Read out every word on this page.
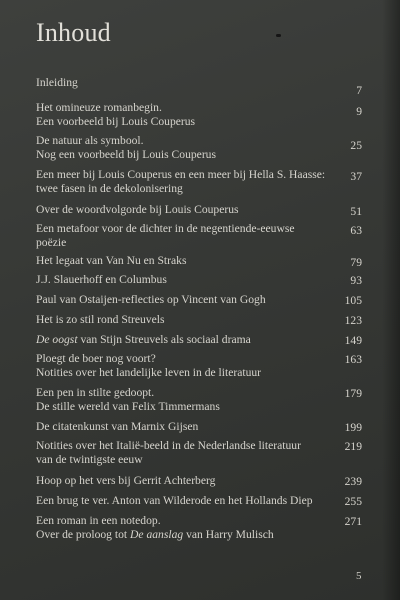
Inhoud
Inleiding
7
Het omineuze romanbegin.
Een voorbeeld bij Louis Couperus
9
De natuur als symbool.
Nog een voorbeeld bij Louis Couperus
25
Een meer bij Louis Couperus en een meer bij Hella S. Haasse:
twee fasen in de dekolonisering
37
Over de woordvolgorde bij Louis Couperus	51
Een metafoor voor de dichter in de negentiende-eeuwse
poëzie
63
Het legaat van Van Nu en Straks	79
J.J. Slauerhoff en Columbus	93
Paul van Ostaijen-reflecties op Vincent van Gogh	105
Het is zo stil rond Streuvels	123
De oogst van Stijn Streuvels als sociaal drama	149
Ploegt de boer nog voort?
Notities over het landelijke leven in de literatuur
163
Een pen in stilte gedoopt.
De stille wereld van Felix Timmermans
179
De citatenkunst van Marnix Gijsen	199
Notities over het Italië-beeld in de Nederlandse literatuur
van de twintigste eeuw
219
Hoop op het vers bij Gerrit Achterberg	239
Een brug te ver. Anton van Wilderode en het Hollands Diep	255
Een roman in een notedop.
Over de proloog tot De aanslag van Harry Mulisch
271
5
